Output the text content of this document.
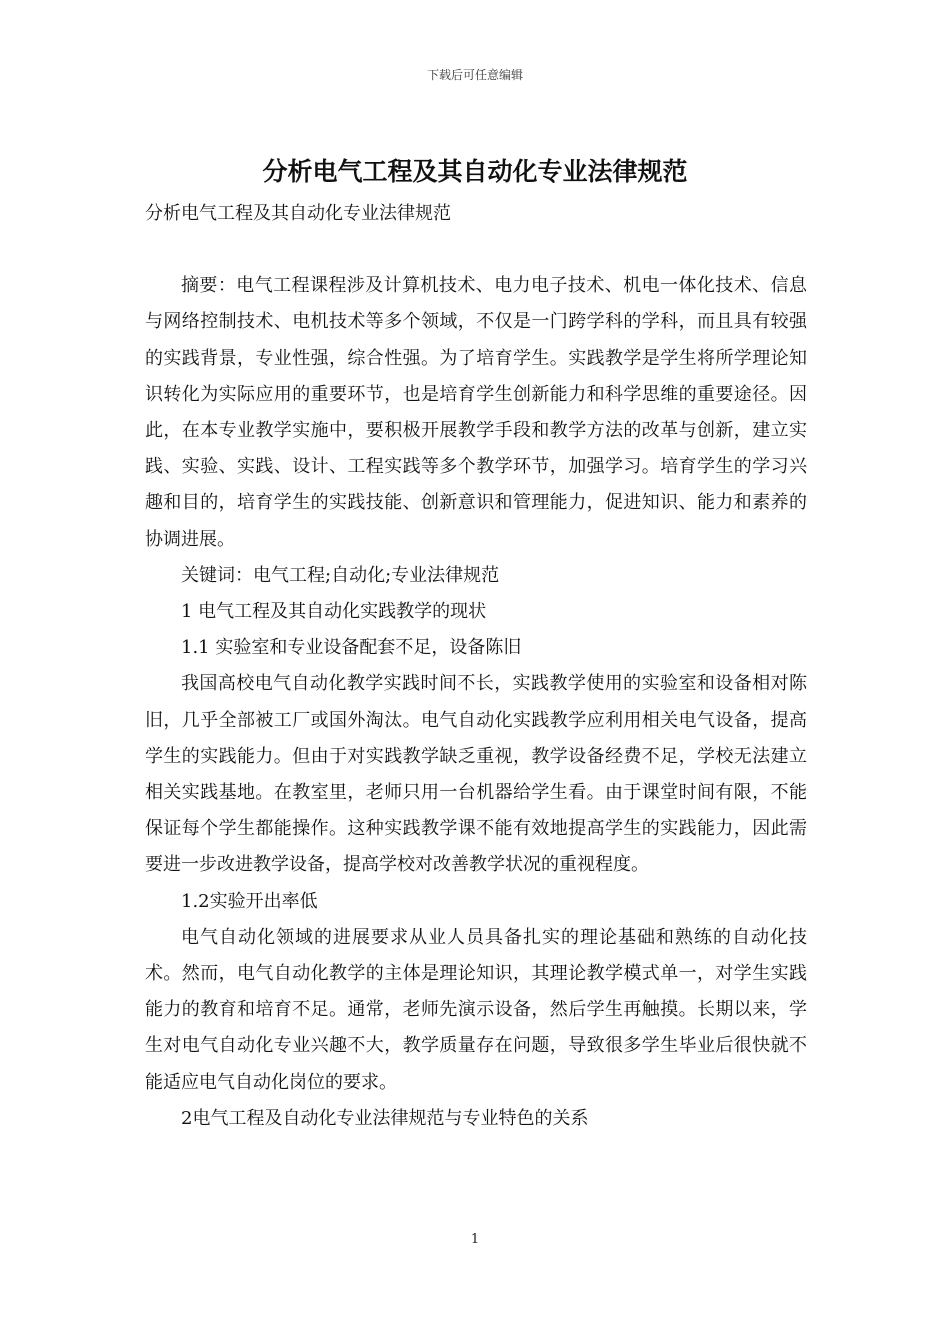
下载后可任意编辑
分析电气工程及其自动化专业法律规范

分析电气工程及其自动化专业法律规范

摘要：电气工程课程涉及计算机技术、电力电子技术、机电一体化技术、信息与网络控制技术、电机技术等多个领域，不仅是一门跨学科的学科，而且具有较强的实践背景，专业性强，综合性强。为了培育学生。实践教学是学生将所学理论知识转化为实际应用的重要环节，也是培育学生创新能力和科学思维的重要途径。因此，在本专业教学实施中，要积极开展教学手段和教学方法的改革与创新，建立实践、实验、实践、设计、工程实践等多个教学环节，加强学习。培育学生的学习兴趣和目的，培育学生的实践技能、创新意识和管理能力，促进知识、能力和素养的协调进展。

关键词：电气工程;自动化;专业法律规范

1 电气工程及其自动化实践教学的现状

1.1 实验室和专业设备配套不足，设备陈旧

我国高校电气自动化教学实践时间不长，实践教学使用的实验室和设备相对陈旧，几乎全部被工厂或国外淘汰。电气自动化实践教学应利用相关电气设备，提高学生的实践能力。但由于对实践教学缺乏重视，教学设备经费不足，学校无法建立相关实践基地。在教室里，老师只用一台机器给学生看。由于课堂时间有限，不能保证每个学生都能操作。这种实践教学课不能有效地提高学生的实践能力，因此需要进一步改进教学设备，提高学校对改善教学状况的重视程度。

1.2实验开出率低

电气自动化领域的进展要求从业人员具备扎实的理论基础和熟练的自动化技术。然而，电气自动化教学的主体是理论知识，其理论教学模式单一，对学生实践能力的教育和培育不足。通常，老师先演示设备，然后学生再触摸。长期以来，学生对电气自动化专业兴趣不大，教学质量存在问题，导致很多学生毕业后很快就不能适应电气自动化岗位的要求。

2电气工程及自动化专业法律规范与专业特色的关系

1
